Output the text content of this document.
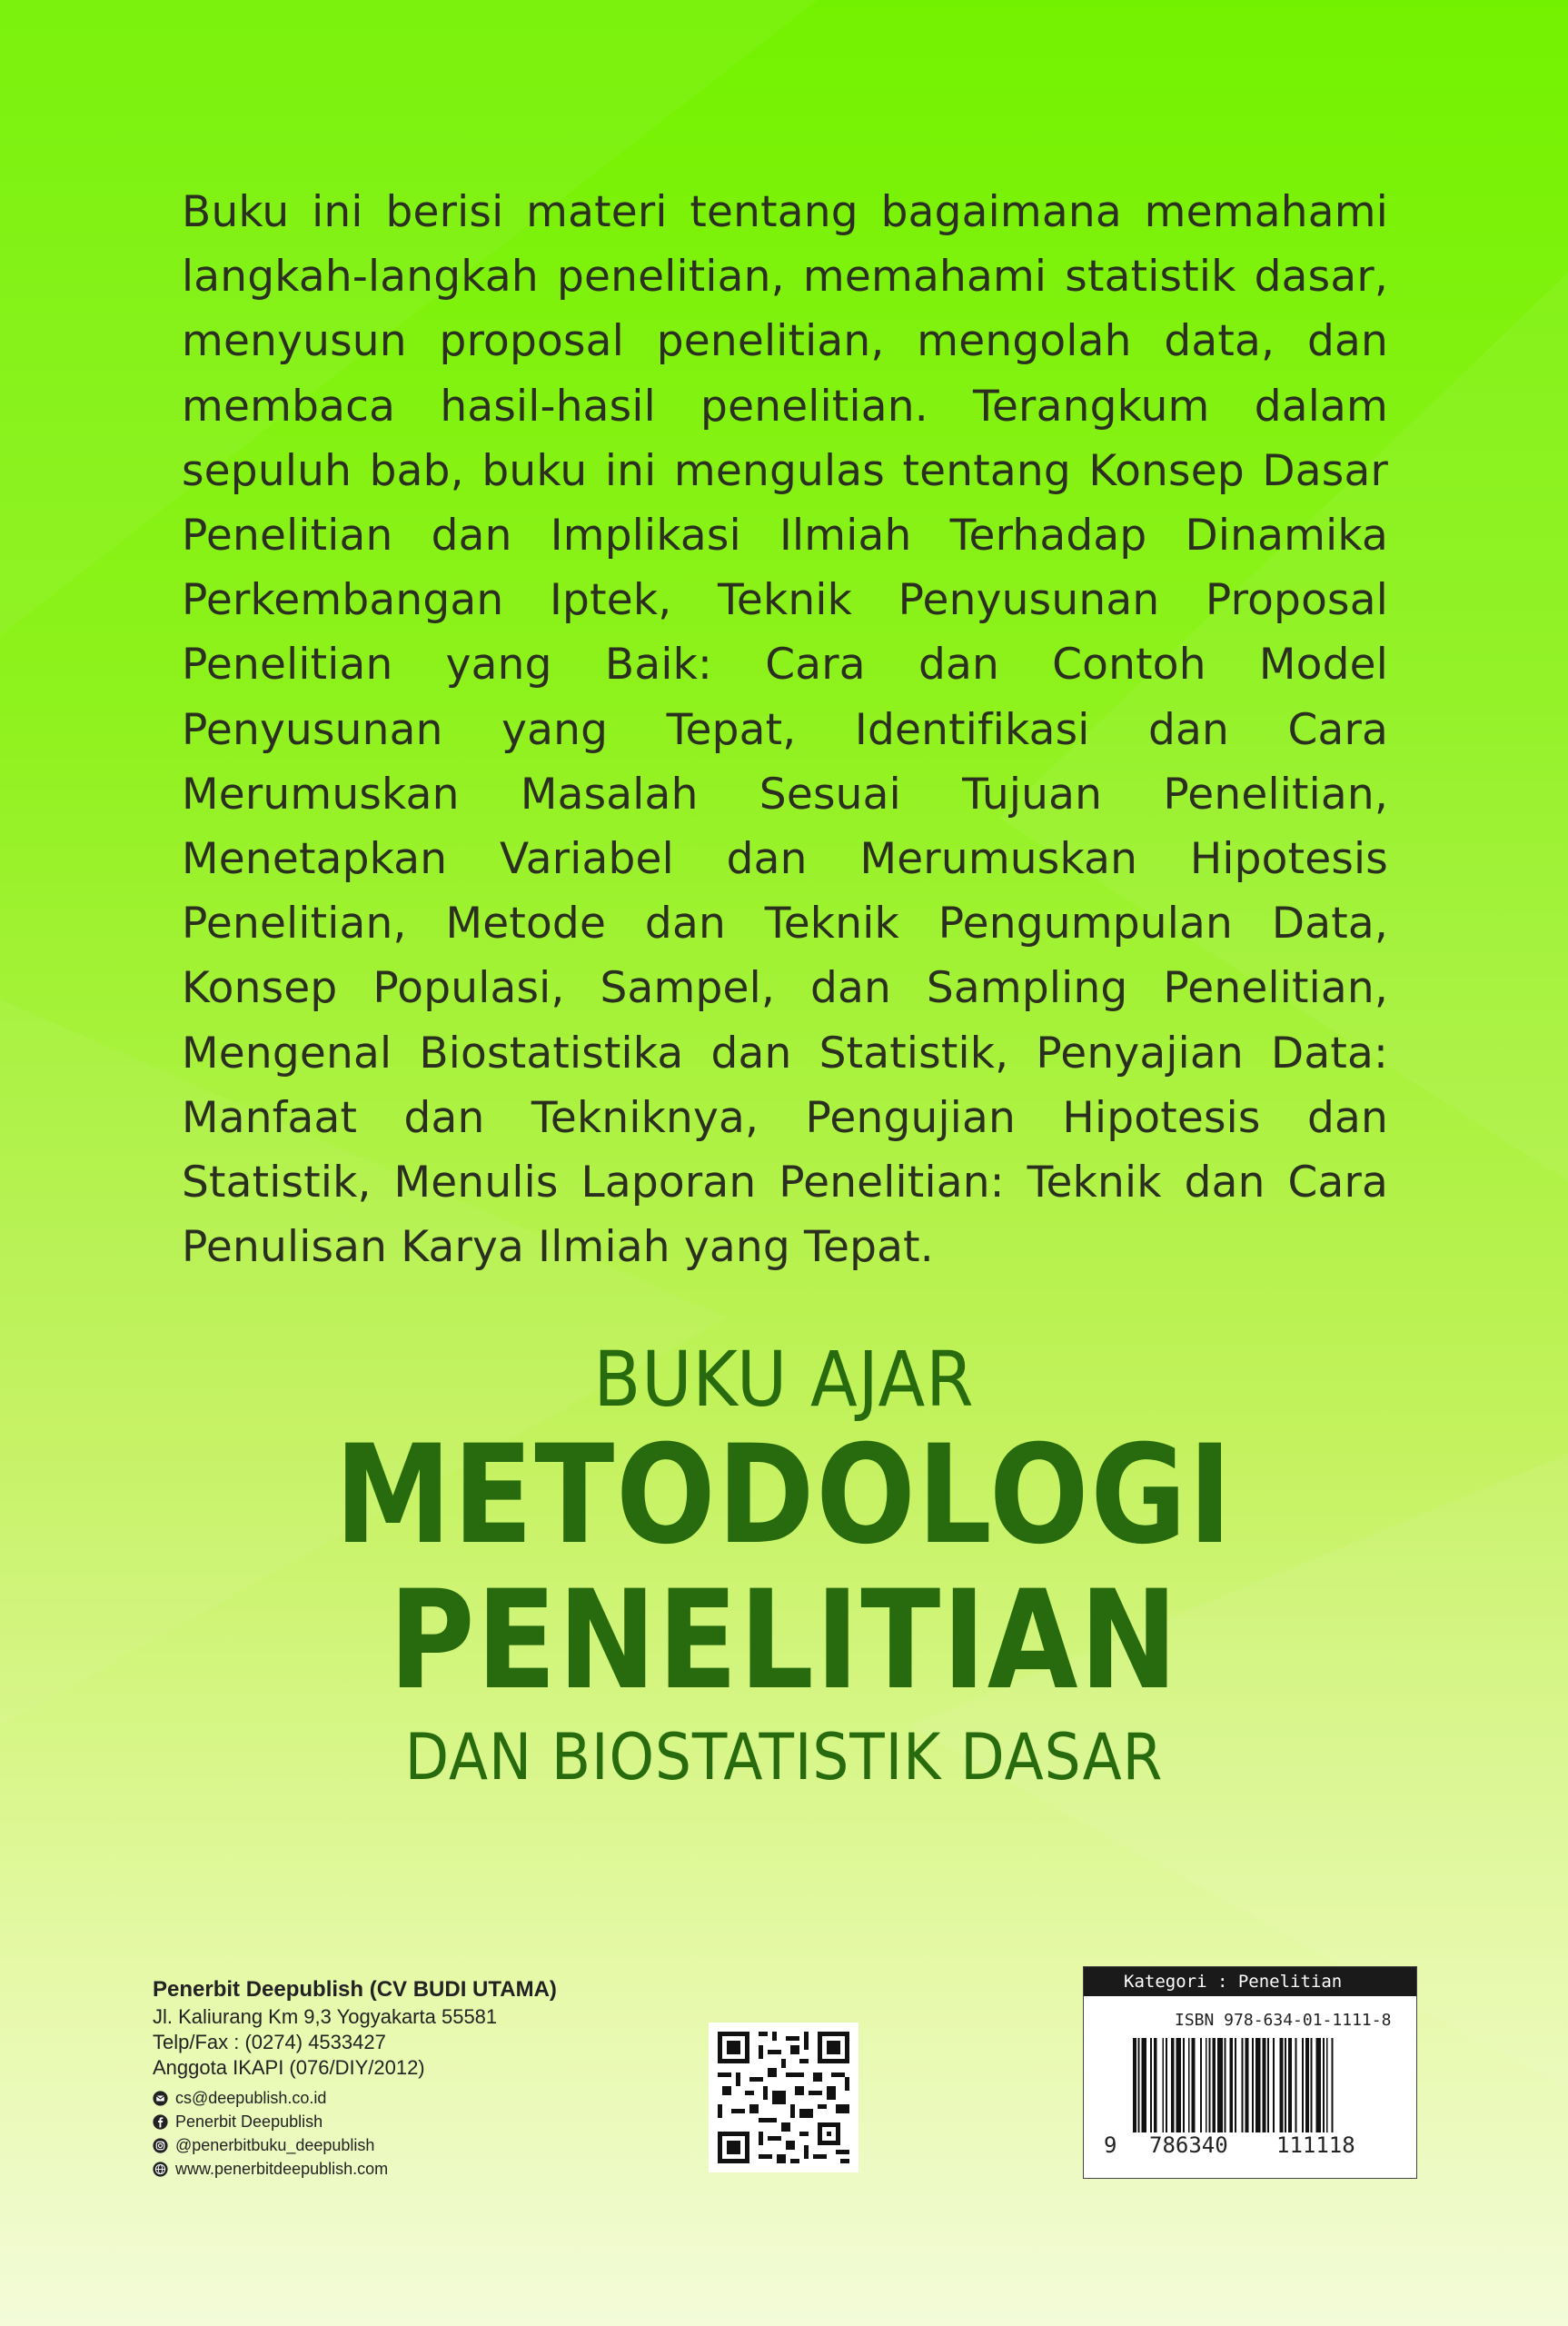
Buku ini berisi materi tentang bagaimana memahami langkah-langkah penelitian, memahami statistik dasar, menyusun proposal penelitian, mengolah data, dan membaca hasil-hasil penelitian. Terangkum dalam sepuluh bab, buku ini mengulas tentang Konsep Dasar Penelitian dan Implikasi Ilmiah Terhadap Dinamika Perkembangan Iptek, Teknik Penyusunan Proposal Penelitian yang Baik: Cara dan Contoh Model Penyusunan yang Tepat, Identifikasi dan Cara Merumuskan Masalah Sesuai Tujuan Penelitian, Menetapkan Variabel dan Merumuskan Hipotesis Penelitian, Metode dan Teknik Pengumpulan Data, Konsep Populasi, Sampel, dan Sampling Penelitian, Mengenal Biostatistika dan Statistik, Penyajian Data: Manfaat dan Tekniknya, Pengujian Hipotesis dan Statistik, Menulis Laporan Penelitian: Teknik dan Cara Penulisan Karya Ilmiah yang Tepat.

BUKU AJAR
METODOLOGI
PENELITIAN
DAN BIOSTATISTIK DASAR
Penerbit Deepublish (CV BUDI UTAMA)
Jl. Kaliurang Km 9,3 Yogyakarta 55581
Telp/Fax : (0274) 4533427
Anggota IKAPI (076/DIY/2012)
cs@deepublish.co.id
Penerbit Deepublish
@penerbitbuku_deepublish
www.penerbitdeepublish.com
Kategori : Penelitian
ISBN 978-634-01-1111-8
9 786340 111118
